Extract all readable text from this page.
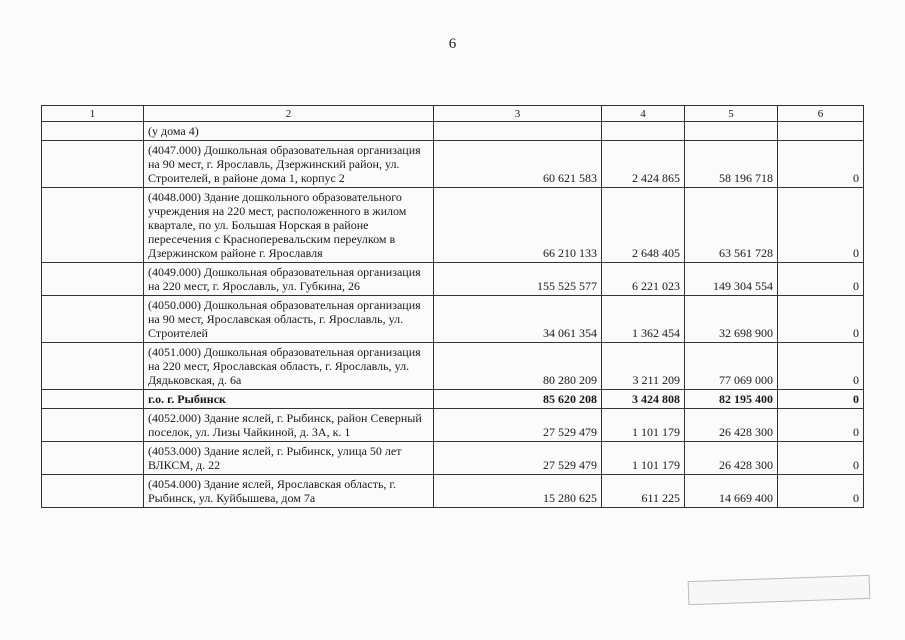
6
1	2	3	4	5	6
	(у дома 4)				
	(4047.000) Дошкольная образовательная организация на 90 мест, г. Ярославль, Дзержинский район, ул. Строителей, в районе дома 1, корпус 2	60 621 583	2 424 865	58 196 718	0
	(4048.000) Здание дошкольного образовательного учреждения на 220 мест, расположенного в жилом квартале, по ул. Большая Норская в районе пересечения с Красноперевальским переулком в Дзержинском районе г. Ярославля	66 210 133	2 648 405	63 561 728	0
	(4049.000) Дошкольная образовательная организация на 220 мест, г. Ярославль, ул. Губкина, 26	155 525 577	6 221 023	149 304 554	0
	(4050.000) Дошкольная образовательная организация на 90 мест, Ярославская область, г. Ярославль, ул. Строителей	34 061 354	1 362 454	32 698 900	0
	(4051.000) Дошкольная образовательная организация на 220 мест, Ярославская область, г. Ярославль, ул. Дядьковская, д. 6а	80 280 209	3 211 209	77 069 000	0
	г.о. г. Рыбинск	85 620 208	3 424 808	82 195 400	0
	(4052.000) Здание яслей, г. Рыбинск, район Северный поселок, ул. Лизы Чайкиной, д. 3А, к. 1	27 529 479	1 101 179	26 428 300	0
	(4053.000) Здание яслей, г. Рыбинск, улица 50 лет ВЛКСМ, д. 22	27 529 479	1 101 179	26 428 300	0
	(4054.000) Здание яслей, Ярославская область, г. Рыбинск, ул. Куйбышева, дом 7а	15 280 625	611 225	14 669 400	0
